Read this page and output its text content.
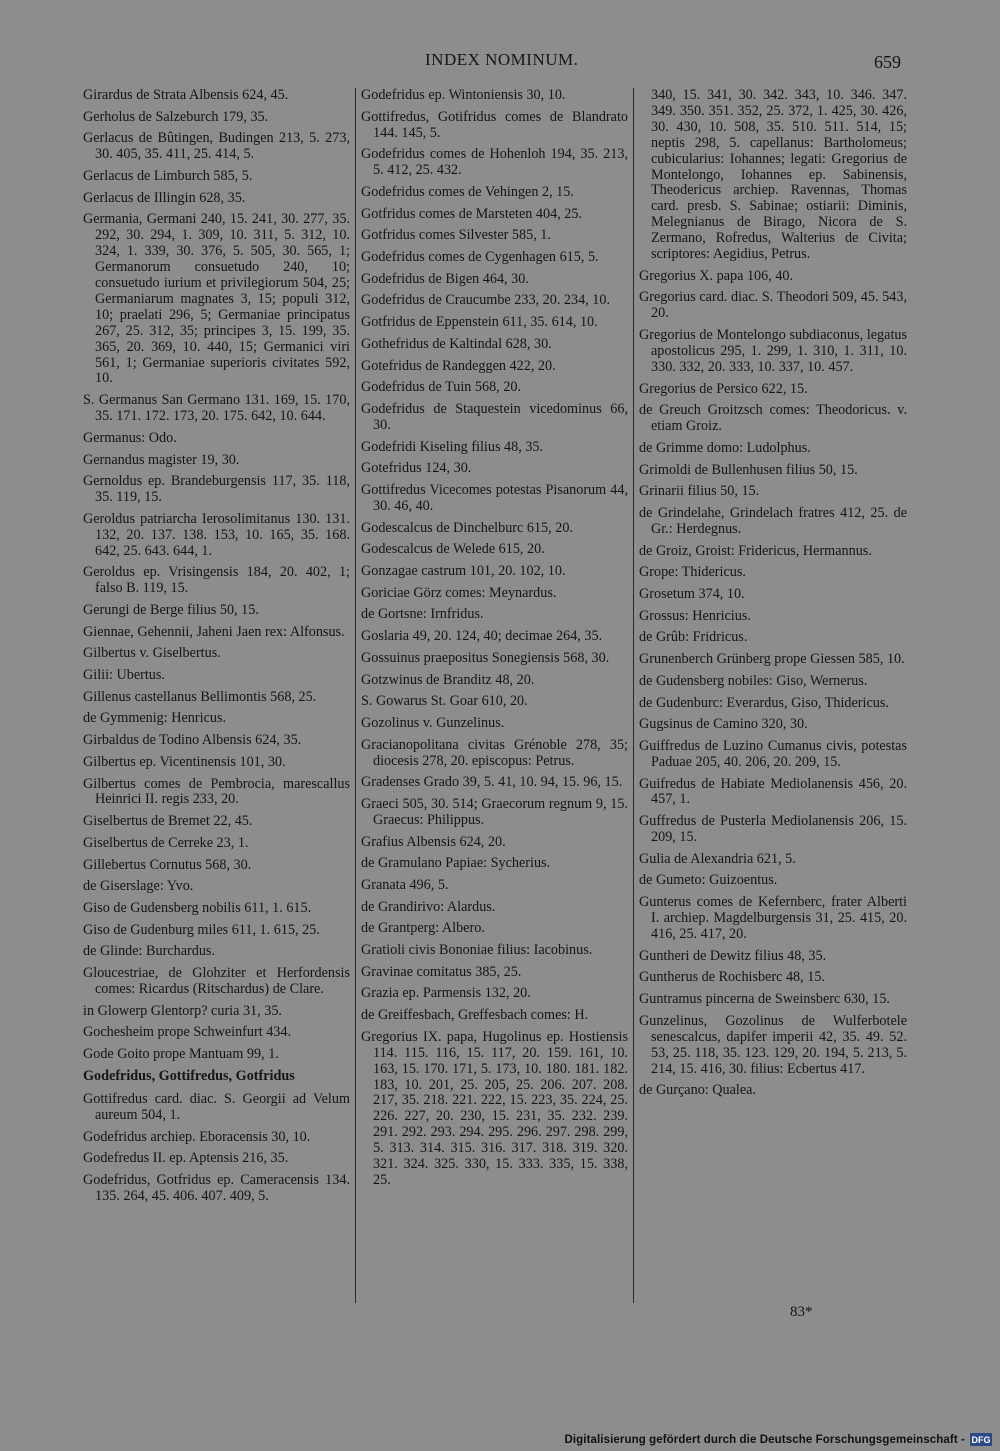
INDEX NOMINUM.	659
Girardus de Strata Albensis 624, 45.
Gerholus de Salzeburch 179, 35.
Gerlacus de Bûtingen, Budingen 213, 5. 273, 30. 405, 35. 411, 25. 414, 5.
Gerlacus de Limburch 585, 5.
Gerlacus de Illingin 628, 35.
Germania, Germani 240, 15. 241, 30. 277, 35. 292, 30. 294, 1. 309, 10. 311, 5. 312, 10. 324, 1. 339, 30. 376, 5. 505, 30. 565, 1; Germanorum consuetudo 240, 10; consuetudo iurium et privilegiorum 504, 25; Germaniarum magnates 3, 15; populi 312, 10; praelati 296, 5; Germaniae principatus 267, 25. 312, 35; principes 3, 15. 199, 35. 365, 20. 369, 10. 440, 15; Germanici viri 561, 1; Germaniae superioris civitates 592, 10.
S. Germanus San Germano 131. 169, 15. 170, 35. 171. 172. 173, 20. 175. 642, 10. 644.
Germanus: Odo.
Gernandus magister 19, 30.
Gernoldus ep. Brandeburgensis 117, 35. 118, 35. 119, 15.
Geroldus patriarcha Ierosolimitanus 130. 131. 132, 20. 137. 138. 153, 10. 165, 35. 168. 642, 25. 643. 644, 1.
Geroldus ep. Vrisingensis 184, 20. 402, 1; falso B. 119, 15.
Gerungi de Berge filius 50, 15.
Giennae, Gehennii, Jaheni Jaen rex: Alfonsus.
Gilbertus v. Giselbertus.
Gilii: Ubertus.
Gillenus castellanus Bellimontis 568, 25.
de Gymmenig: Henricus.
Girbaldus de Todino Albensis 624, 35.
Gilbertus ep. Vicentinensis 101, 30.
Gilbertus comes de Pembrocia, marescallus Heinrici II. regis 233, 20.
Giselbertus de Bremet 22, 45.
Giselbertus de Cerreke 23, 1.
Gillebertus Cornutus 568, 30.
de Giserslage: Yvo.
Giso de Gudensberg nobilis 611, 1. 615.
Giso de Gudenburg miles 611, 1. 615, 25.
de Glinde: Burchardus.
Gloucestriae, de Glohziter et Herfordensis comes: Ricardus (Ritschardus) de Clare.
in Glowerp Glentorp? curia 31, 35.
Gochesheim prope Schweinfurt 434.
Gode Goito prope Mantuam 99, 1.
Godefridus, Gottifredus, Gotfridus
Gottifredus card. diac. S. Georgii ad Velum aureum 504, 1.
Godefridus archiep. Eboracensis 30, 10.
Godefredus II. ep. Aptensis 216, 35.
Godefridus, Gotfridus ep. Cameracensis 134. 135. 264, 45. 406. 407. 409, 5.
Godefridus ep. Wintoniensis 30, 10.
Gottifredus, Gotifridus comes de Blandrato 144. 145, 5.
Godefridus comes de Hohenloh 194, 35. 213, 5. 412, 25. 432.
Godefridus comes de Vehingen 2, 15.
Gotfridus comes de Marsteten 404, 25.
Gotfridus comes Silvester 585, 1.
Godefridus comes de Cygenhagen 615, 5.
Godefridus de Bigen 464, 30.
Godefridus de Craucumbe 233, 20. 234, 10.
Gotfridus de Eppenstein 611, 35. 614, 10.
Gothefridus de Kaltindal 628, 30.
Gotefridus de Randeggen 422, 20.
Godefridus de Tuin 568, 20.
Godefridus de Staquestein vicedominus 66, 30.
Godefridi Kiseling filius 48, 35.
Gotefridus 124, 30.
Gottifredus Vicecomes potestas Pisanorum 44, 30. 46, 40.
Godescalcus de Dinchelburc 615, 20.
Godescalcus de Welede 615, 20.
Gonzagae castrum 101, 20. 102, 10.
Goriciae Görz comes: Meynardus.
de Gortsne: Irnfridus.
Goslaria 49, 20. 124, 40; decimae 264, 35.
Gossuinus praepositus Sonegiensis 568, 30.
Gotzwinus de Branditz 48, 20.
S. Gowarus St. Goar 610, 20.
Gozolinus v. Gunzelinus.
Gracianopolitana civitas Grénoble 278, 35; diocesis 278, 20. episcopus: Petrus.
Gradenses Grado 39, 5. 41, 10. 94, 15. 96, 15.
Graeci 505, 30. 514; Graecorum regnum 9, 15. Graecus: Philippus.
Grafius Albensis 624, 20.
de Gramulano Papiae: Sycherius.
Granata 496, 5.
de Grandirivo: Alardus.
de Grantperg: Albero.
Gratioli civis Bononiae filius: Iacobinus.
Gravinae comitatus 385, 25.
Grazia ep. Parmensis 132, 20.
de Greiffesbach, Greffesbach comes: H.
Gregorius IX. papa, Hugolinus ep. Hostiensis 114. 115. 116, 15. 117, 20. 159. 161, 10. 163, 15. 170. 171, 5. 173, 10. 180. 181. 182. 183, 10. 201, 25. 205, 25. 206. 207. 208. 217, 35. 218. 221. 222, 15. 223, 35. 224, 25. 226. 227, 20. 230, 15. 231, 35. 232. 239. 291. 292. 293. 294. 295. 296. 297. 298. 299, 5. 313. 314. 315. 316. 317. 318. 319. 320. 321. 324. 325. 330, 15. 333. 335, 15. 338, 25.
340, 15. 341, 30. 342. 343, 10. 346. 347. 349. 350. 351. 352, 25. 372, 1. 425, 30. 426, 30. 430, 10. 508, 35. 510. 511. 514, 15; neptis 298, 5. capellanus: Bartholomeus; cubicularius: Iohannes; legati: Gregorius de Montelongo, Iohannes ep. Sabinensis, Theodericus archiep. Ravennas, Thomas card. presb. S. Sabinae; ostiarii: Diminis, Melegnianus de Birago, Nicora de S. Zermano, Rofredus, Walterius de Civita; scriptores: Aegidius, Petrus.
Gregorius X. papa 106, 40.
Gregorius card. diac. S. Theodori 509, 45. 543, 20.
Gregorius de Montelongo subdiaconus, legatus apostolicus 295, 1. 299, 1. 310, 1. 311, 10. 330. 332, 20. 333, 10. 337, 10. 457.
Gregorius de Persico 622, 15.
de Greuch Groitzsch comes: Theodoricus. v. etiam Groiz.
de Grimme domo: Ludolphus.
Grimoldi de Bullenhusen filius 50, 15.
Grinarii filius 50, 15.
de Grindelahe, Grindelach fratres 412, 25. de Gr.: Herdegnus.
de Groiz, Groist: Fridericus, Hermannus.
Grope: Thidericus.
Grosetum 374, 10.
Grossus: Henricius.
de Grûb: Fridricus.
Grunenberch Grünberg prope Giessen 585, 10.
de Gudensberg nobiles: Giso, Wernerus.
de Gudenburc: Everardus, Giso, Thidericus.
Gugsinus de Camino 320, 30.
Guiffredus de Luzino Cumanus civis, potestas Paduae 205, 40. 206, 20. 209, 15.
Guifredus de Habiate Mediolanensis 456, 20. 457, 1.
Guffredus de Pusterla Mediolanensis 206, 15. 209, 15.
Gulia de Alexandria 621, 5.
de Gumeto: Guizoentus.
Gunterus comes de Kefernberc, frater Alberti I. archiep. Magdelburgensis 31, 25. 415, 20. 416, 25. 417, 20.
Guntheri de Dewitz filius 48, 35.
Guntherus de Rochisberc 48, 15.
Guntramus pincerna de Sweinsberc 630, 15.
Gunzelinus, Gozolinus de Wulferbotele senescalcus, dapifer imperii 42, 35. 49. 52. 53, 25. 118, 35. 123. 129, 20. 194, 5. 213, 5. 214, 15. 416, 30. filius: Ecbertus 417.
de Gurçano: Qualea.
83*
Digitalisierung gefördert durch die Deutsche Forschungsgemeinschaft - DFG
